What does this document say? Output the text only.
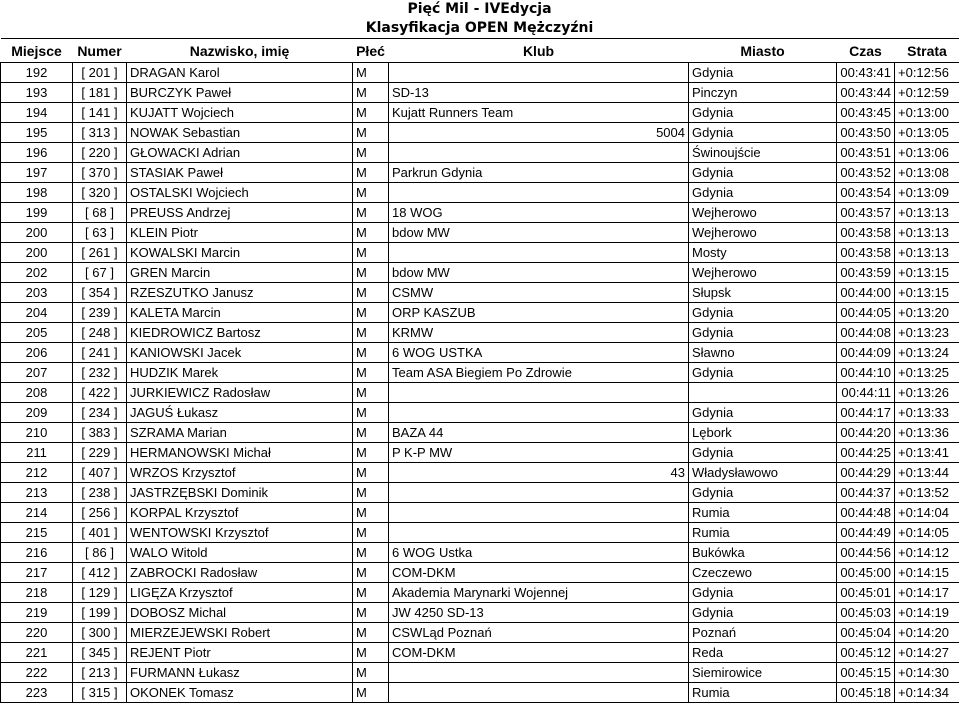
Pięć Mil - IVEdycja
Klasyfikacja OPEN Mężczyźni
Miejsce	Numer	Nazwisko, imię	Płeć	Klub	Miasto	Czas	Strata
192	[ 201 ]	DRAGAN Karol	M		Gdynia	00:43:41	+0:12:56
193	[ 181 ]	BURCZYK Paweł	M	SD-13	Pinczyn	00:43:44	+0:12:59
194	[ 141 ]	KUJATT Wojciech	M	Kujatt Runners Team	Gdynia	00:43:45	+0:13:00
195	[ 313 ]	NOWAK Sebastian	M	5004	Gdynia	00:43:50	+0:13:05
196	[ 220 ]	GŁOWACKI Adrian	M		Świnoujście	00:43:51	+0:13:06
197	[ 370 ]	STASIAK Paweł	M	Parkrun Gdynia	Gdynia	00:43:52	+0:13:08
198	[ 320 ]	OSTALSKI Wojciech	M		Gdynia	00:43:54	+0:13:09
199	[ 68 ]	PREUSS Andrzej	M	18 WOG	Wejherowo	00:43:57	+0:13:13
200	[ 63 ]	KLEIN Piotr	M	bdow MW	Wejherowo	00:43:58	+0:13:13
200	[ 261 ]	KOWALSKI Marcin	M		Mosty	00:43:58	+0:13:13
202	[ 67 ]	GREN Marcin	M	bdow MW	Wejherowo	00:43:59	+0:13:15
203	[ 354 ]	RZESZUTKO Janusz	M	CSMW	Słupsk	00:44:00	+0:13:15
204	[ 239 ]	KALETA Marcin	M	ORP KASZUB	Gdynia	00:44:05	+0:13:20
205	[ 248 ]	KIEDROWICZ Bartosz	M	KRMW	Gdynia	00:44:08	+0:13:23
206	[ 241 ]	KANIOWSKI Jacek	M	6 WOG USTKA	Sławno	00:44:09	+0:13:24
207	[ 232 ]	HUDZIK Marek	M	Team ASA Biegiem Po Zdrowie	Gdynia	00:44:10	+0:13:25
208	[ 422 ]	JURKIEWICZ Radosław	M			00:44:11	+0:13:26
209	[ 234 ]	JAGUŚ Łukasz	M		Gdynia	00:44:17	+0:13:33
210	[ 383 ]	SZRAMA Marian	M	BAZA 44	Lębork	00:44:20	+0:13:36
211	[ 229 ]	HERMANOWSKI Michał	M	P K-P MW	Gdynia	00:44:25	+0:13:41
212	[ 407 ]	WRZOS Krzysztof	M	43	Władysławowo	00:44:29	+0:13:44
213	[ 238 ]	JASTRZĘBSKI Dominik	M		Gdynia	00:44:37	+0:13:52
214	[ 256 ]	KORPAL Krzysztof	M		Rumia	00:44:48	+0:14:04
215	[ 401 ]	WENTOWSKI Krzysztof	M		Rumia	00:44:49	+0:14:05
216	[ 86 ]	WALO Witold	M	6 WOG Ustka	Bukówka	00:44:56	+0:14:12
217	[ 412 ]	ZABROCKI Radosław	M	COM-DKM	Czeczewo	00:45:00	+0:14:15
218	[ 129 ]	LIGĘZA Krzysztof	M	Akademia Marynarki Wojennej	Gdynia	00:45:01	+0:14:17
219	[ 199 ]	DOBOSZ Michal	M	JW 4250 SD-13	Gdynia	00:45:03	+0:14:19
220	[ 300 ]	MIERZEJEWSKI Robert	M	CSWLąd Poznań	Poznań	00:45:04	+0:14:20
221	[ 345 ]	REJENT Piotr	M	COM-DKM	Reda	00:45:12	+0:14:27
222	[ 213 ]	FURMANN Łukasz	M		Siemirowice	00:45:15	+0:14:30
223	[ 315 ]	OKONEK Tomasz	M		Rumia	00:45:18	+0:14:34
